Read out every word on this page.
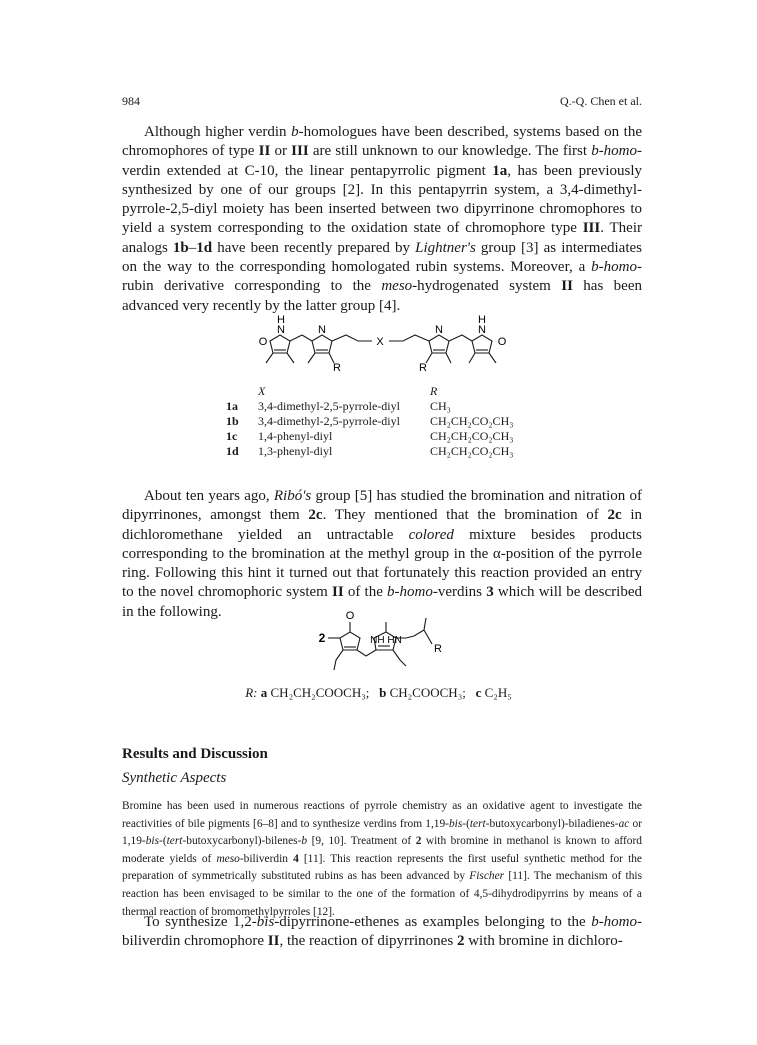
984	Q.-Q. Chen et al.

Although higher verdin b-homologues have been described, systems based on the chromophores of type II or III are still unknown to our knowledge. The first b-homo-verdin extended at C-10, the linear pentapyrrolic pigment 1a, has been previously synthesized by one of our groups [2]. In this pentapyrrin system, a 3,4-dimethyl-pyrrole-2,5-diyl moiety has been inserted between two dipyrrinone chromophores to yield a system corresponding to the oxidation state of chromophore type III. Their analogs 1b–1d have been recently prepared by Lightner's group [3] as intermediates on the way to the corresponding homologated rubin systems. Moreover, a b-homo-rubin derivative corresponding to the meso-hydrogenated system II has been advanced very recently by the latter group [4].

H
N
O
N
X
N
H
N
O
R	R
X	R
1a 3,4-dimethyl-2,5-pyrrole-diyl	CH₃
1b 3,4-dimethyl-2,5-pyrrole-diyl	CH₂CH₂CO₂CH₃
1c 1,4-phenyl-diyl	CH₂CH₂CO₂CH₃
1d 1,3-phenyl-diyl	CH₂CH₂CO₂CH₃

About ten years ago, Ribó's group [5] has studied the bromination and nitration of dipyrrinones, amongst them 2c. They mentioned that the bromination of 2c in dichloromethane yielded an untractable colored mixture besides products corresponding to the bromination at the methyl group in the α-position of the pyrrole ring. Following this hint it turned out that fortunately this reaction provided an entry to the novel chromophoric system II of the b-homo-verdins 3 which will be described in the following.

2
O
NH HN
R
R: a CH₂CH₂COOCH₃; b CH₂COOCH₃; c C₂H₅
Results and Discussion
Synthetic Aspects

Bromine has been used in numerous reactions of pyrrole chemistry as an oxidative agent to investigate the reactivities of bile pigments [6–8] and to synthesize verdins from 1,19-bis-(tert-butoxycarbonyl)-biladienes-ac or 1,19-bis-(tert-butoxycarbonyl)-bilenes-b [9, 10]. Treatment of 2 with bromine in methanol is known to afford moderate yields of meso-biliverdin 4 [11]. This reaction represents the first useful synthetic method for the preparation of symmetrically substituted rubins as has been advanced by Fischer [11]. The mechanism of this reaction has been envisaged to be similar to the one of the formation of 4,5-dihydrodipyrrins by means of a thermal reaction of bromomethylpyrroles [12].

To synthesize 1,2-bis-dipyrrinone-ethenes as examples belonging to the b-homo-biliverdin chromophore II, the reaction of dipyrrinones 2 with bromine in dichloro-
